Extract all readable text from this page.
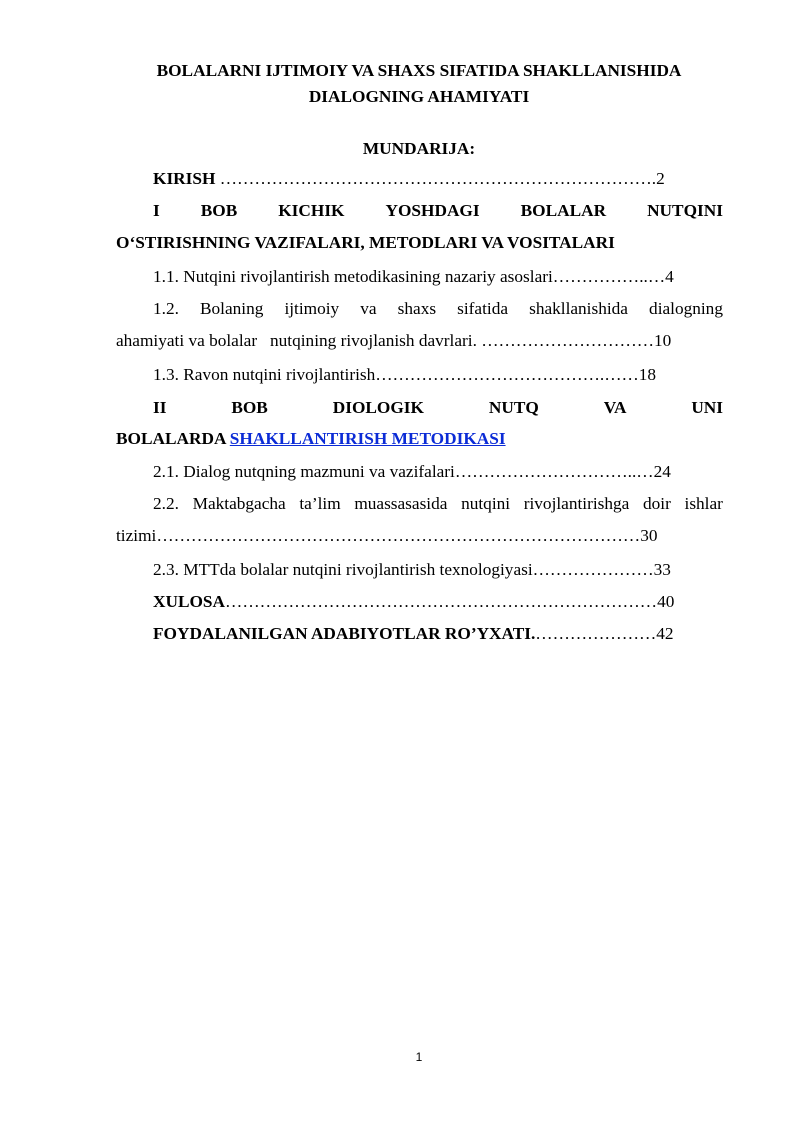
BOLALARNI IJTIMOIY VA SHAXS SIFATIDA SHAKLLANISHIDA
DIALOGNING AHAMIYATI
MUNDARIJA:
KIRISH ………………………………………………………………….2
I BOB KICHIK YOSHDAGI BOLALAR NUTQINI
O‘STIRISHNING VAZIFALARI, METODLARI VA VOSITALARI
1.1. Nutqini rivojlantirish metodikasining nazariy asoslari……………..…4
1.2. Bolaning ijtimoiy va shaxs sifatida shakllanishida dialogning
ahamiyati va bolalar   nutqining rivojlanish davrlari. …………………………10
1.3. Ravon nutqini rivojlantirish………………………………….……18
II	BOB	DIOLOGIK	NUTQ	VA	UNI
BOLALARDA SHAKLLANTIRISH METODIKASI
2.1. Dialog nutqning mazmuni va vazifalari…………………………..…24
2.2. Maktabgacha ta’lim muassasasida nutqini rivojlantirishga doir ishlar
tizimi…………………………………………………………………………30
2.3. MTTda bolalar nutqini rivojlantirish texnologiyasi…………………33
XULOSA…………………………………………………………………40
FOYDALANILGAN ADABIYOTLAR RO’YXATI.…………………42
1
